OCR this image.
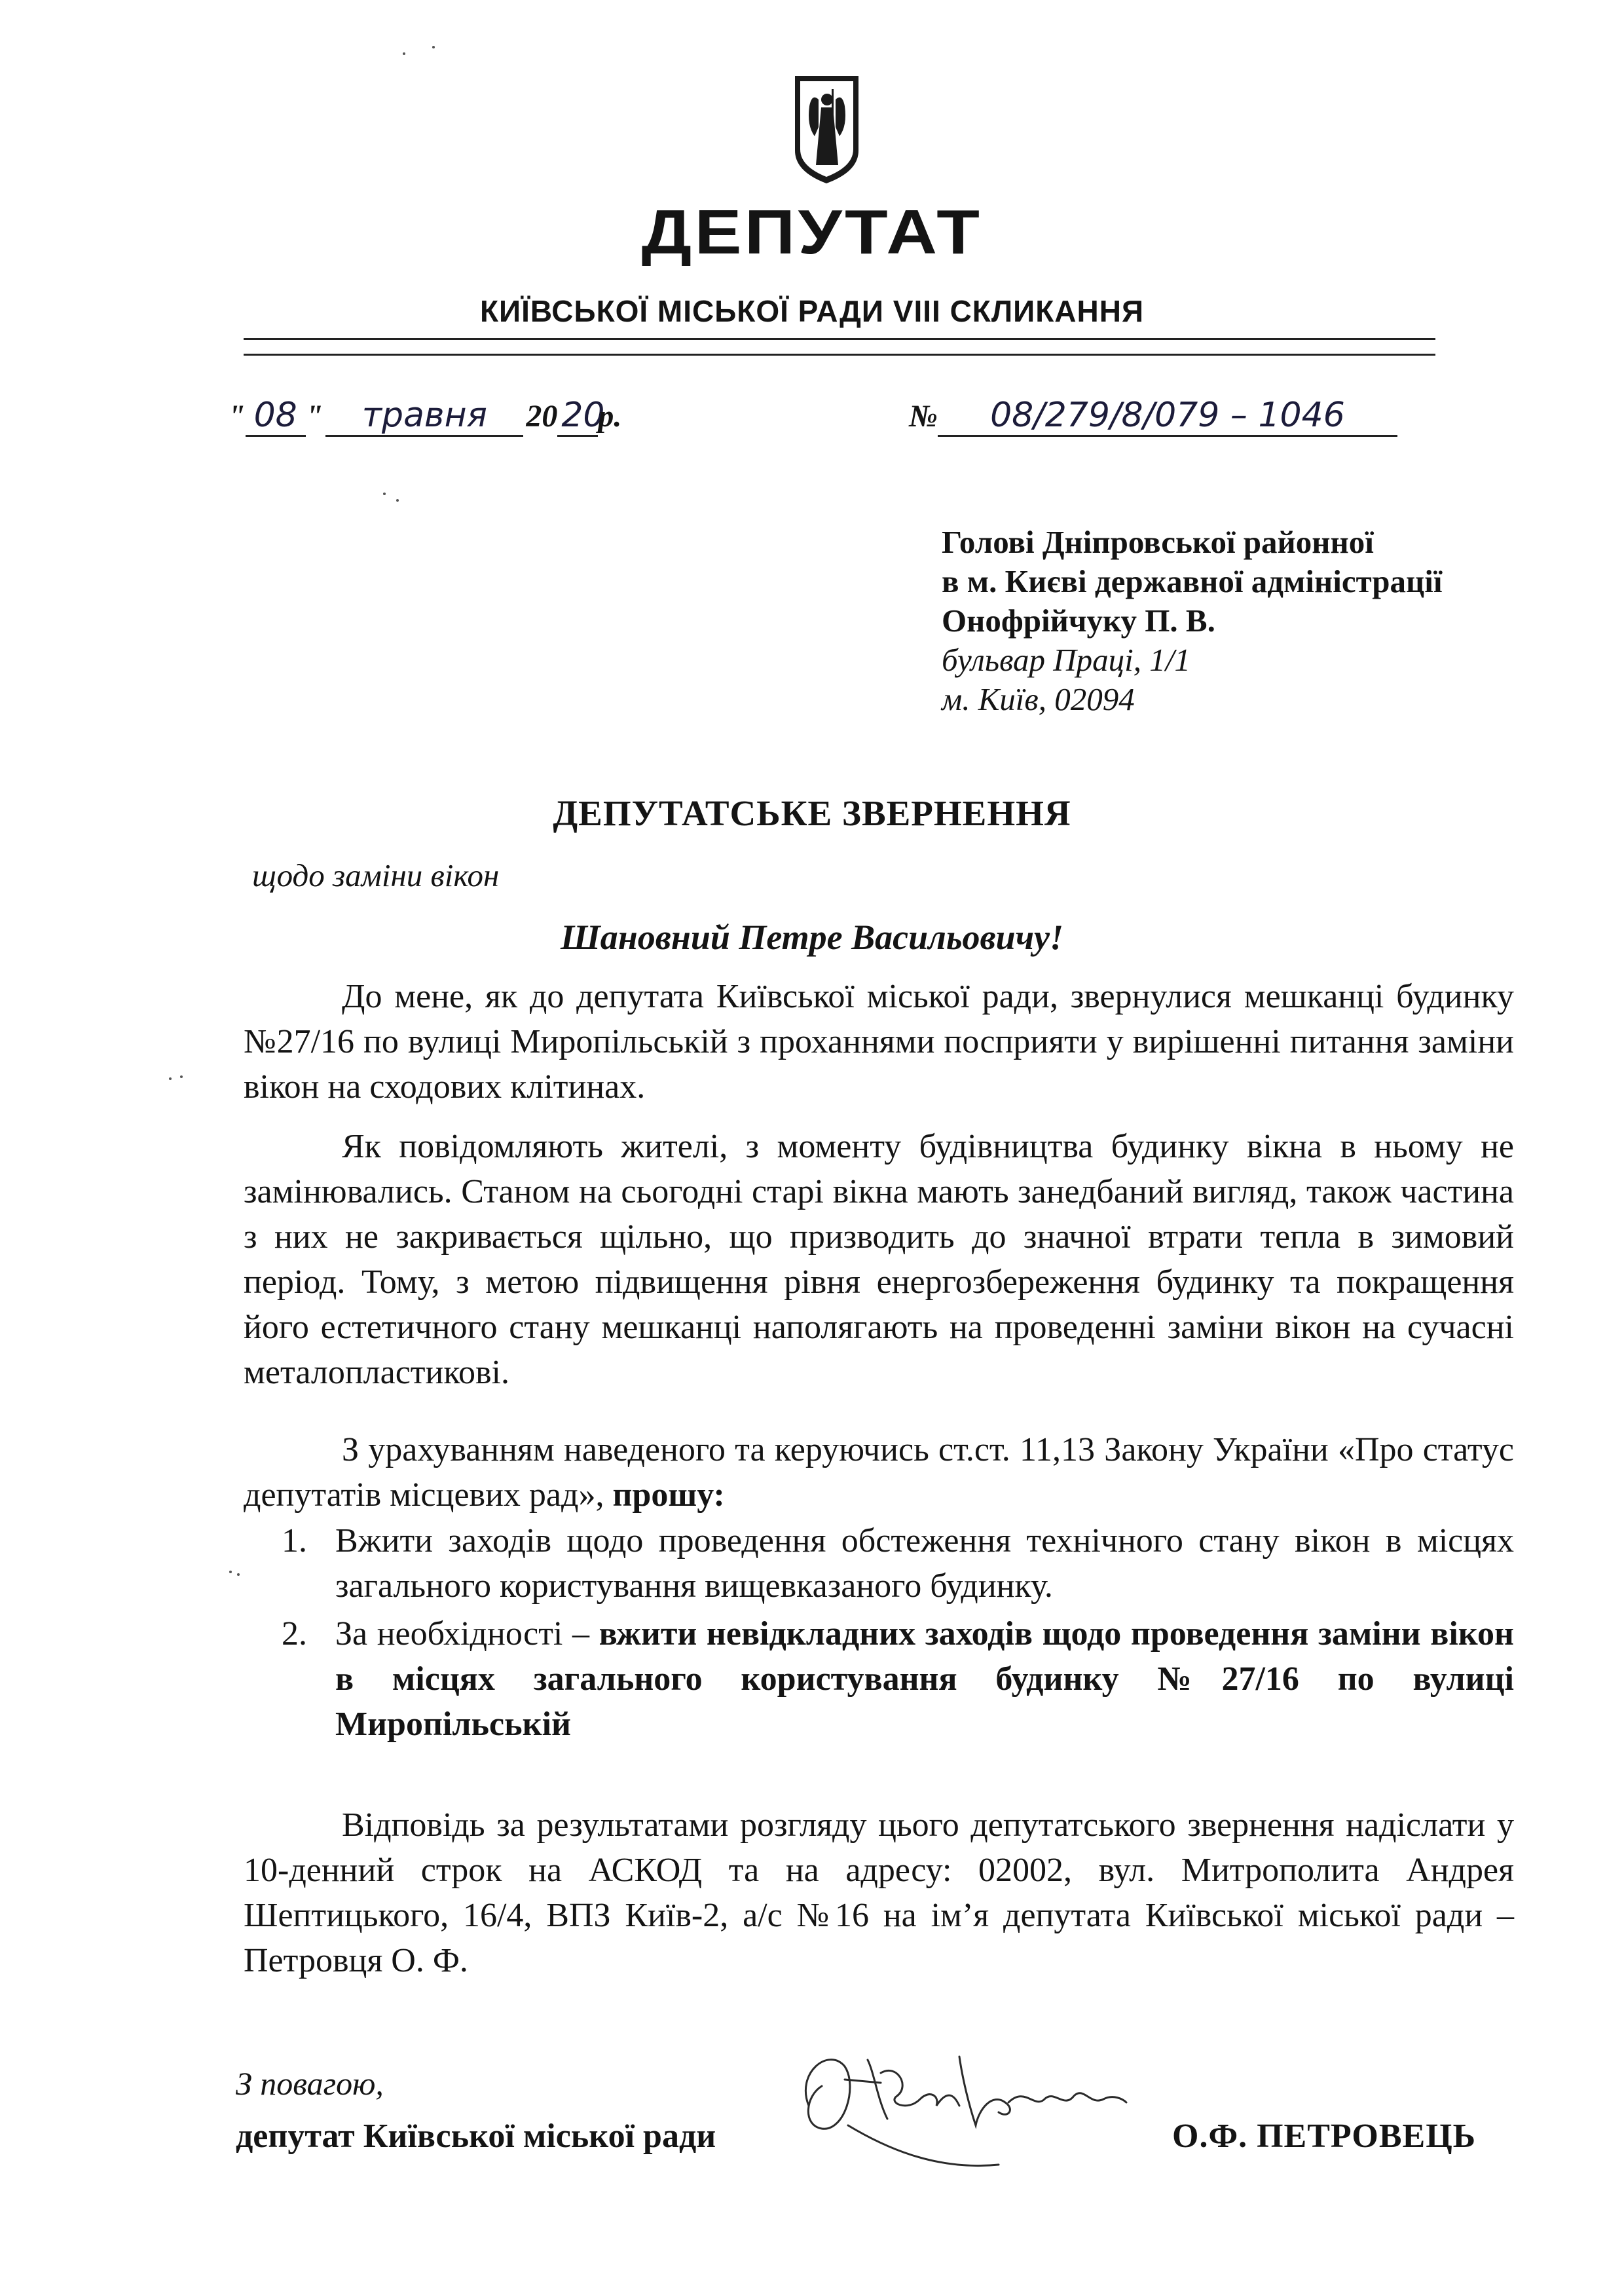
ДЕПУТАТ
КИЇВСЬКОЇ МІСЬКОЇ РАДИ VIII СКЛИКАННЯ
" 08 " травня 20 20р.	№ 08/279/8/079 – 1046
Голові Дніпровської районної
в м. Києві державної адміністрації
Онофрійчуку П. В.
бульвар Праці, 1/1
м. Київ, 02094
ДЕПУТАТСЬКЕ ЗВЕРНЕННЯ
щодо заміни вікон
Шановний Петре Васильовичу!

До мене, як до депутата Київської міської ради, звернулися мешканці будинку №27/16 по вулиці Миропільській з проханнями посприяти у вирішенні питання заміни вікон на сходових клітинах.

Як повідомляють жителі, з моменту будівництва будинку вікна в ньому не замінювались. Станом на сьогодні старі вікна мають занедбаний вигляд, також частина з них не закривається щільно, що призводить до значної втрати тепла в зимовий період. Тому, з метою підвищення рівня енергозбереження будинку та покращення його естетичного стану мешканці наполягають на проведенні заміни вікон на сучасні металопластикові.

З урахуванням наведеного та керуючись ст.ст. 11,13 Закону України «Про статус депутатів місцевих рад», прошу:

1. Вжити заходів щодо проведення обстеження технічного стану вікон в місцях загального користування вищевказаного будинку.
2. За необхідності – вжити невідкладних заходів щодо проведення заміни вікон в місцях загального користування будинку №27/16 по вулиці Миропільській

Відповідь за результатами розгляду цього депутатського звернення надіслати у 10-денний строк на АСКОД та на адресу: 02002, вул. Митрополита Андрея Шептицького, 16/4, ВПЗ Київ-2, а/с №16 на ім’я депутата Київської міської ради – Петровця О. Ф.

З повагою,
депутат Київської міської ради	О.Ф. ПЕТРОВЕЦЬ
